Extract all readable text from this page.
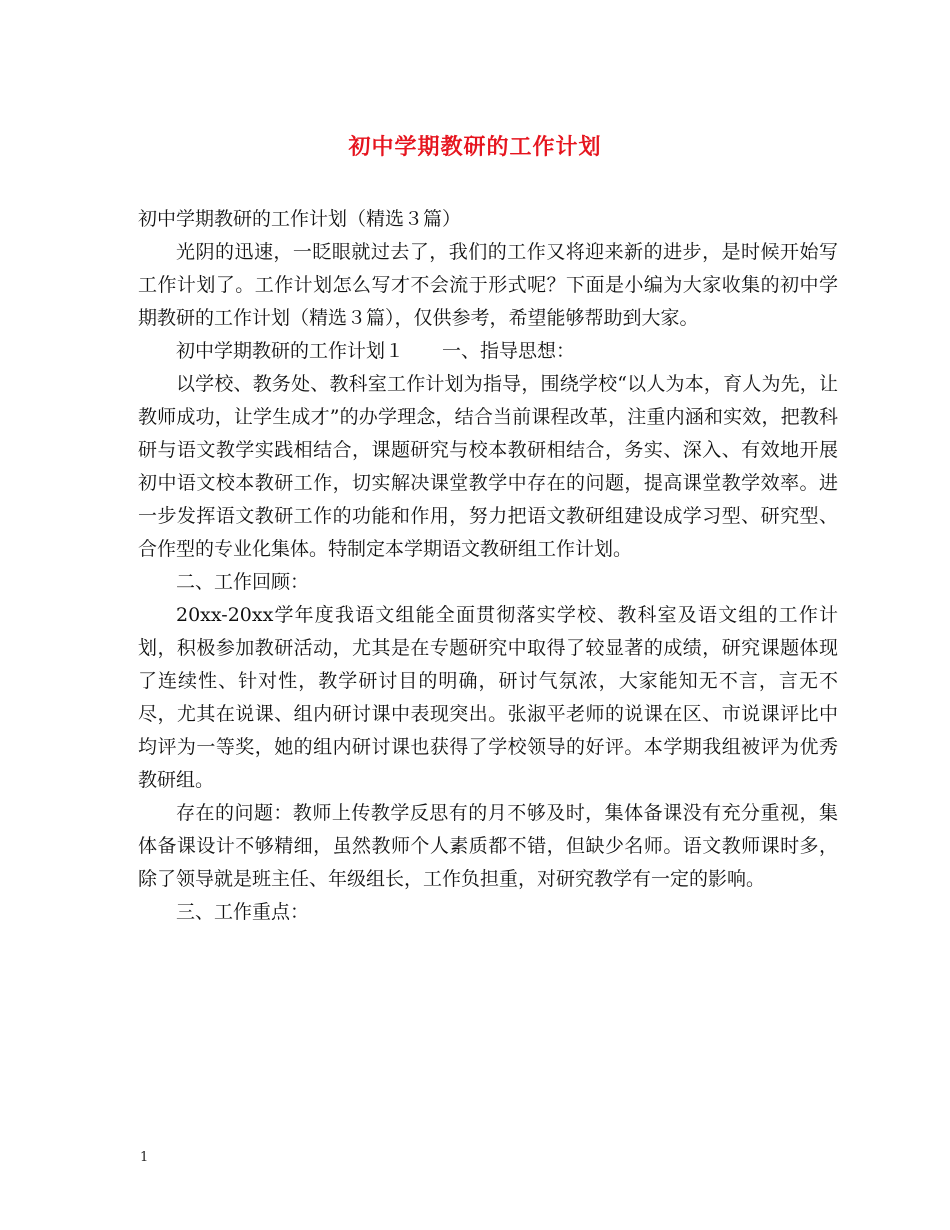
初中学期教研的工作计划

初中学期教研的工作计划（精选３篇）

光阴的迅速，一眨眼就过去了，我们的工作又将迎来新的进步，是时候开始写工作计划了。工作计划怎么写才不会流于形式呢？下面是小编为大家收集的初中学期教研的工作计划（精选３篇），仅供参考，希望能够帮助到大家。

初中学期教研的工作计划１　　一、指导思想：

以学校、教务处、教科室工作计划为指导，围绕学校“以人为本，育人为先，让教师成功，让学生成才”的办学理念，结合当前课程改革，注重内涵和实效，把教科研与语文教学实践相结合，课题研究与校本教研相结合，务实、深入、有效地开展初中语文校本教研工作，切实解决课堂教学中存在的问题，提高课堂教学效率。进一步发挥语文教研工作的功能和作用，努力把语文教研组建设成学习型、研究型、合作型的专业化集体。特制定本学期语文教研组工作计划。

二、工作回顾：

20xx-20xx学年度我语文组能全面贯彻落实学校、教科室及语文组的工作计划，积极参加教研活动，尤其是在专题研究中取得了较显著的成绩，研究课题体现了连续性、针对性，教学研讨目的明确，研讨气氛浓，大家能知无不言，言无不尽，尤其在说课、组内研讨课中表现突出。张淑平老师的说课在区、市说课评比中均评为一等奖，她的组内研讨课也获得了学校领导的好评。本学期我组被评为优秀教研组。

存在的问题：教师上传教学反思有的月不够及时，集体备课没有充分重视，集体备课设计不够精细，虽然教师个人素质都不错，但缺少名师。语文教师课时多，除了领导就是班主任、年级组长，工作负担重，对研究教学有一定的影响。

三、工作重点：

1
